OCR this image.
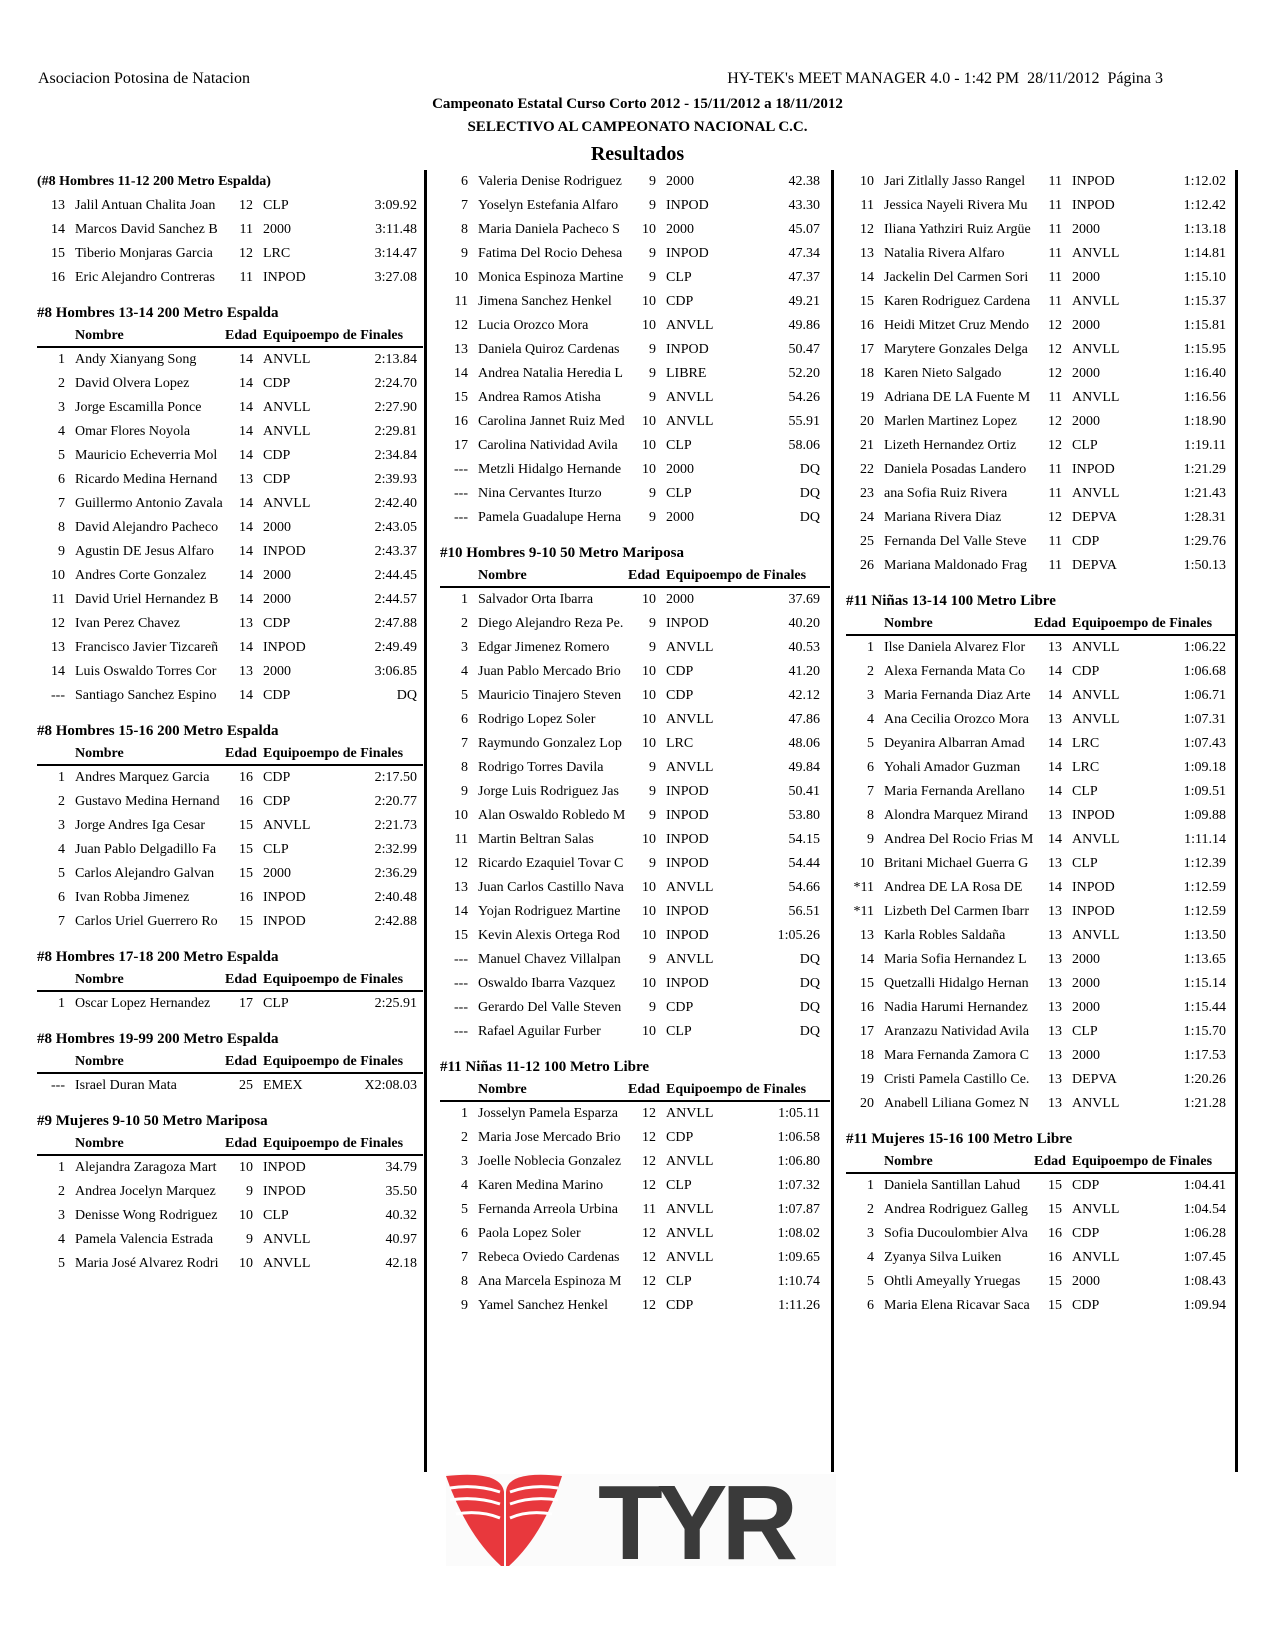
Asociacion Potosina de Natacion	HY-TEK's MEET MANAGER 4.0 - 1:42 PM  28/11/2012  Página 3
Campeonato Estatal Curso Corto 2012 - 15/11/2012 a 18/11/2012
SELECTIVO AL CAMPEONATO NACIONAL C.C.
Resultados
(#8 Hombres 11-12 200 Metro Espalda)
13 Jalil Antuan Chalita Joan	12 CLP	3:09.92
14 Marcos David Sanchez B	11 2000	3:11.48
15 Tiberio Monjaras Garcia	12 LRC	3:14.47
16 Eric Alejandro Contreras	11 INPOD	3:27.08
#8 Hombres 13-14 200 Metro Espalda
Nombre	Edad Equipoempo de Finales
1 Andy Xianyang Song	14 ANVLL	2:13.84
2 David Olvera Lopez	14 CDP	2:24.70
3 Jorge Escamilla Ponce	14 ANVLL	2:27.90
4 Omar Flores Noyola	14 ANVLL	2:29.81
5 Mauricio Echeverria Mol	14 CDP	2:34.84
6 Ricardo Medina Hernand	13 CDP	2:39.93
7 Guillermo Antonio Zavala	14 ANVLL	2:42.40
8 David Alejandro Pacheco	14 2000	2:43.05
9 Agustin DE Jesus Alfaro	14 INPOD	2:43.37
10 Andres Corte Gonzalez	14 2000	2:44.45
11 David Uriel Hernandez B	14 2000	2:44.57
12 Ivan Perez Chavez	13 CDP	2:47.88
13 Francisco Javier Tizcareñ	14 INPOD	2:49.49
14 Luis Oswaldo Torres Cor	13 2000	3:06.85
--- Santiago Sanchez Espino	14 CDP	DQ
#8 Hombres 15-16 200 Metro Espalda
Nombre	Edad Equipoempo de Finales
1 Andres Marquez Garcia	16 CDP	2:17.50
2 Gustavo Medina Hernand	16 CDP	2:20.77
3 Jorge Andres Iga Cesar	15 ANVLL	2:21.73
4 Juan Pablo Delgadillo Fa	15 CLP	2:32.99
5 Carlos Alejandro Galvan	15 2000	2:36.29
6 Ivan Robba Jimenez	16 INPOD	2:40.48
7 Carlos Uriel Guerrero Ro	15 INPOD	2:42.88
#8 Hombres 17-18 200 Metro Espalda
Nombre	Edad Equipoempo de Finales
1 Oscar Lopez Hernandez	17 CLP	2:25.91
#8 Hombres 19-99 200 Metro Espalda
Nombre	Edad Equipoempo de Finales
--- Israel Duran Mata	25 EMEX	X2:08.03
#9 Mujeres 9-10 50 Metro Mariposa
Nombre	Edad Equipoempo de Finales
1 Alejandra Zaragoza Mart	10 INPOD	34.79
2 Andrea Jocelyn Marquez	9 INPOD	35.50
3 Denisse Wong Rodriguez	10 CLP	40.32
4 Pamela Valencia Estrada	9 ANVLL	40.97
5 Maria José Alvarez Rodri	10 ANVLL	42.18
6 Valeria Denise Rodriguez	9 2000	42.38
7 Yoselyn Estefania Alfaro	9 INPOD	43.30
8 Maria Daniela Pacheco S	10 2000	45.07
9 Fatima Del Rocio Dehesa	9 INPOD	47.34
10 Monica Espinoza Martine	9 CLP	47.37
11 Jimena Sanchez Henkel	10 CDP	49.21
12 Lucia Orozco Mora	10 ANVLL	49.86
13 Daniela Quiroz Cardenas	9 INPOD	50.47
14 Andrea Natalia Heredia L	9 LIBRE	52.20
15 Andrea Ramos Atisha	9 ANVLL	54.26
16 Carolina Jannet Ruiz Med	10 ANVLL	55.91
17 Carolina Natividad Avila	10 CLP	58.06
--- Metzli Hidalgo Hernande	10 2000	DQ
--- Nina Cervantes Iturzo	9 CLP	DQ
--- Pamela Guadalupe Herna	9 2000	DQ
#10 Hombres 9-10 50 Metro Mariposa
Nombre	Edad Equipoempo de Finales
1 Salvador Orta Ibarra	10 2000	37.69
2 Diego Alejandro Reza Pe.	9 INPOD	40.20
3 Edgar Jimenez Romero	9 ANVLL	40.53
4 Juan Pablo Mercado Brio	10 CDP	41.20
5 Mauricio Tinajero Steven	10 CDP	42.12
6 Rodrigo Lopez Soler	10 ANVLL	47.86
7 Raymundo Gonzalez Lop	10 LRC	48.06
8 Rodrigo Torres Davila	9 ANVLL	49.84
9 Jorge Luis Rodriguez Jas	9 INPOD	50.41
10 Alan Oswaldo Robledo M	9 INPOD	53.80
11 Martin Beltran Salas	10 INPOD	54.15
12 Ricardo Ezaquiel Tovar C	9 INPOD	54.44
13 Juan Carlos Castillo Nava	10 ANVLL	54.66
14 Yojan Rodriguez Martine	10 INPOD	56.51
15 Kevin Alexis Ortega Rod	10 INPOD	1:05.26
--- Manuel Chavez Villalpan	9 ANVLL	DQ
--- Oswaldo Ibarra Vazquez	10 INPOD	DQ
--- Gerardo Del Valle Steven	9 CDP	DQ
--- Rafael Aguilar Furber	10 CLP	DQ
#11 Niñas 11-12 100 Metro Libre
Nombre	Edad Equipoempo de Finales
1 Josselyn Pamela Esparza	12 ANVLL	1:05.11
2 Maria Jose Mercado Brio	12 CDP	1:06.58
3 Joelle Noblecia Gonzalez	12 ANVLL	1:06.80
4 Karen Medina Marino	12 CLP	1:07.32
5 Fernanda Arreola Urbina	11 ANVLL	1:07.87
6 Paola Lopez Soler	12 ANVLL	1:08.02
7 Rebeca Oviedo Cardenas	12 ANVLL	1:09.65
8 Ana Marcela Espinoza M	12 CLP	1:10.74
9 Yamel Sanchez Henkel	12 CDP	1:11.26
10 Jari Zitlally Jasso Rangel	11 INPOD	1:12.02
11 Jessica Nayeli Rivera Mu	11 INPOD	1:12.42
12 Iliana Yathziri Ruiz Argüe	11 2000	1:13.18
13 Natalia Rivera Alfaro	11 ANVLL	1:14.81
14 Jackelin Del Carmen Sori	11 2000	1:15.10
15 Karen Rodriguez Cardena	11 ANVLL	1:15.37
16 Heidi Mitzet Cruz Mendo	12 2000	1:15.81
17 Marytere Gonzales Delga	12 ANVLL	1:15.95
18 Karen Nieto Salgado	12 2000	1:16.40
19 Adriana DE LA Fuente M	11 ANVLL	1:16.56
20 Marlen Martinez Lopez	12 2000	1:18.90
21 Lizeth Hernandez Ortiz	12 CLP	1:19.11
22 Daniela Posadas Landero	11 INPOD	1:21.29
23 ana Sofia Ruiz Rivera	11 ANVLL	1:21.43
24 Mariana Rivera Diaz	12 DEPVA	1:28.31
25 Fernanda Del Valle Steve	11 CDP	1:29.76
26 Mariana Maldonado Frag	11 DEPVA	1:50.13
#11 Niñas 13-14 100 Metro Libre
Nombre	Edad Equipoempo de Finales
1 Ilse Daniela Alvarez Flor	13 ANVLL	1:06.22
2 Alexa Fernanda Mata Co	14 CDP	1:06.68
3 Maria Fernanda Diaz Arte	14 ANVLL	1:06.71
4 Ana Cecilia Orozco Mora	13 ANVLL	1:07.31
5 Deyanira Albarran Amad	14 LRC	1:07.43
6 Yohali Amador Guzman	14 LRC	1:09.18
7 Maria Fernanda Arellano	14 CLP	1:09.51
8 Alondra Marquez Mirand	13 INPOD	1:09.88
9 Andrea Del Rocio Frias M	14 ANVLL	1:11.14
10 Britani Michael Guerra G	13 CLP	1:12.39
*11 Andrea DE LA Rosa DE	14 INPOD	1:12.59
*11 Lizbeth Del Carmen Ibarr	13 INPOD	1:12.59
13 Karla Robles Saldaña	13 ANVLL	1:13.50
14 Maria Sofia Hernandez L	13 2000	1:13.65
15 Quetzalli Hidalgo Hernan	13 2000	1:15.14
16 Nadia Harumi Hernandez	13 2000	1:15.44
17 Aranzazu Natividad Avila	13 CLP	1:15.70
18 Mara Fernanda Zamora C	13 2000	1:17.53
19 Cristi Pamela Castillo Ce.	13 DEPVA	1:20.26
20 Anabell Liliana Gomez N	13 ANVLL	1:21.28
#11 Mujeres 15-16 100 Metro Libre
Nombre	Edad Equipoempo de Finales
1 Daniela Santillan Lahud	15 CDP	1:04.41
2 Andrea Rodriguez Galleg	15 ANVLL	1:04.54
3 Sofia Ducoulombier Alva	16 CDP	1:06.28
4 Zyanya Silva Luiken	16 ANVLL	1:07.45
5 Ohtli Ameyally Yruegas	15 2000	1:08.43
6 Maria Elena Ricavar Saca	15 CDP	1:09.94
TYR
